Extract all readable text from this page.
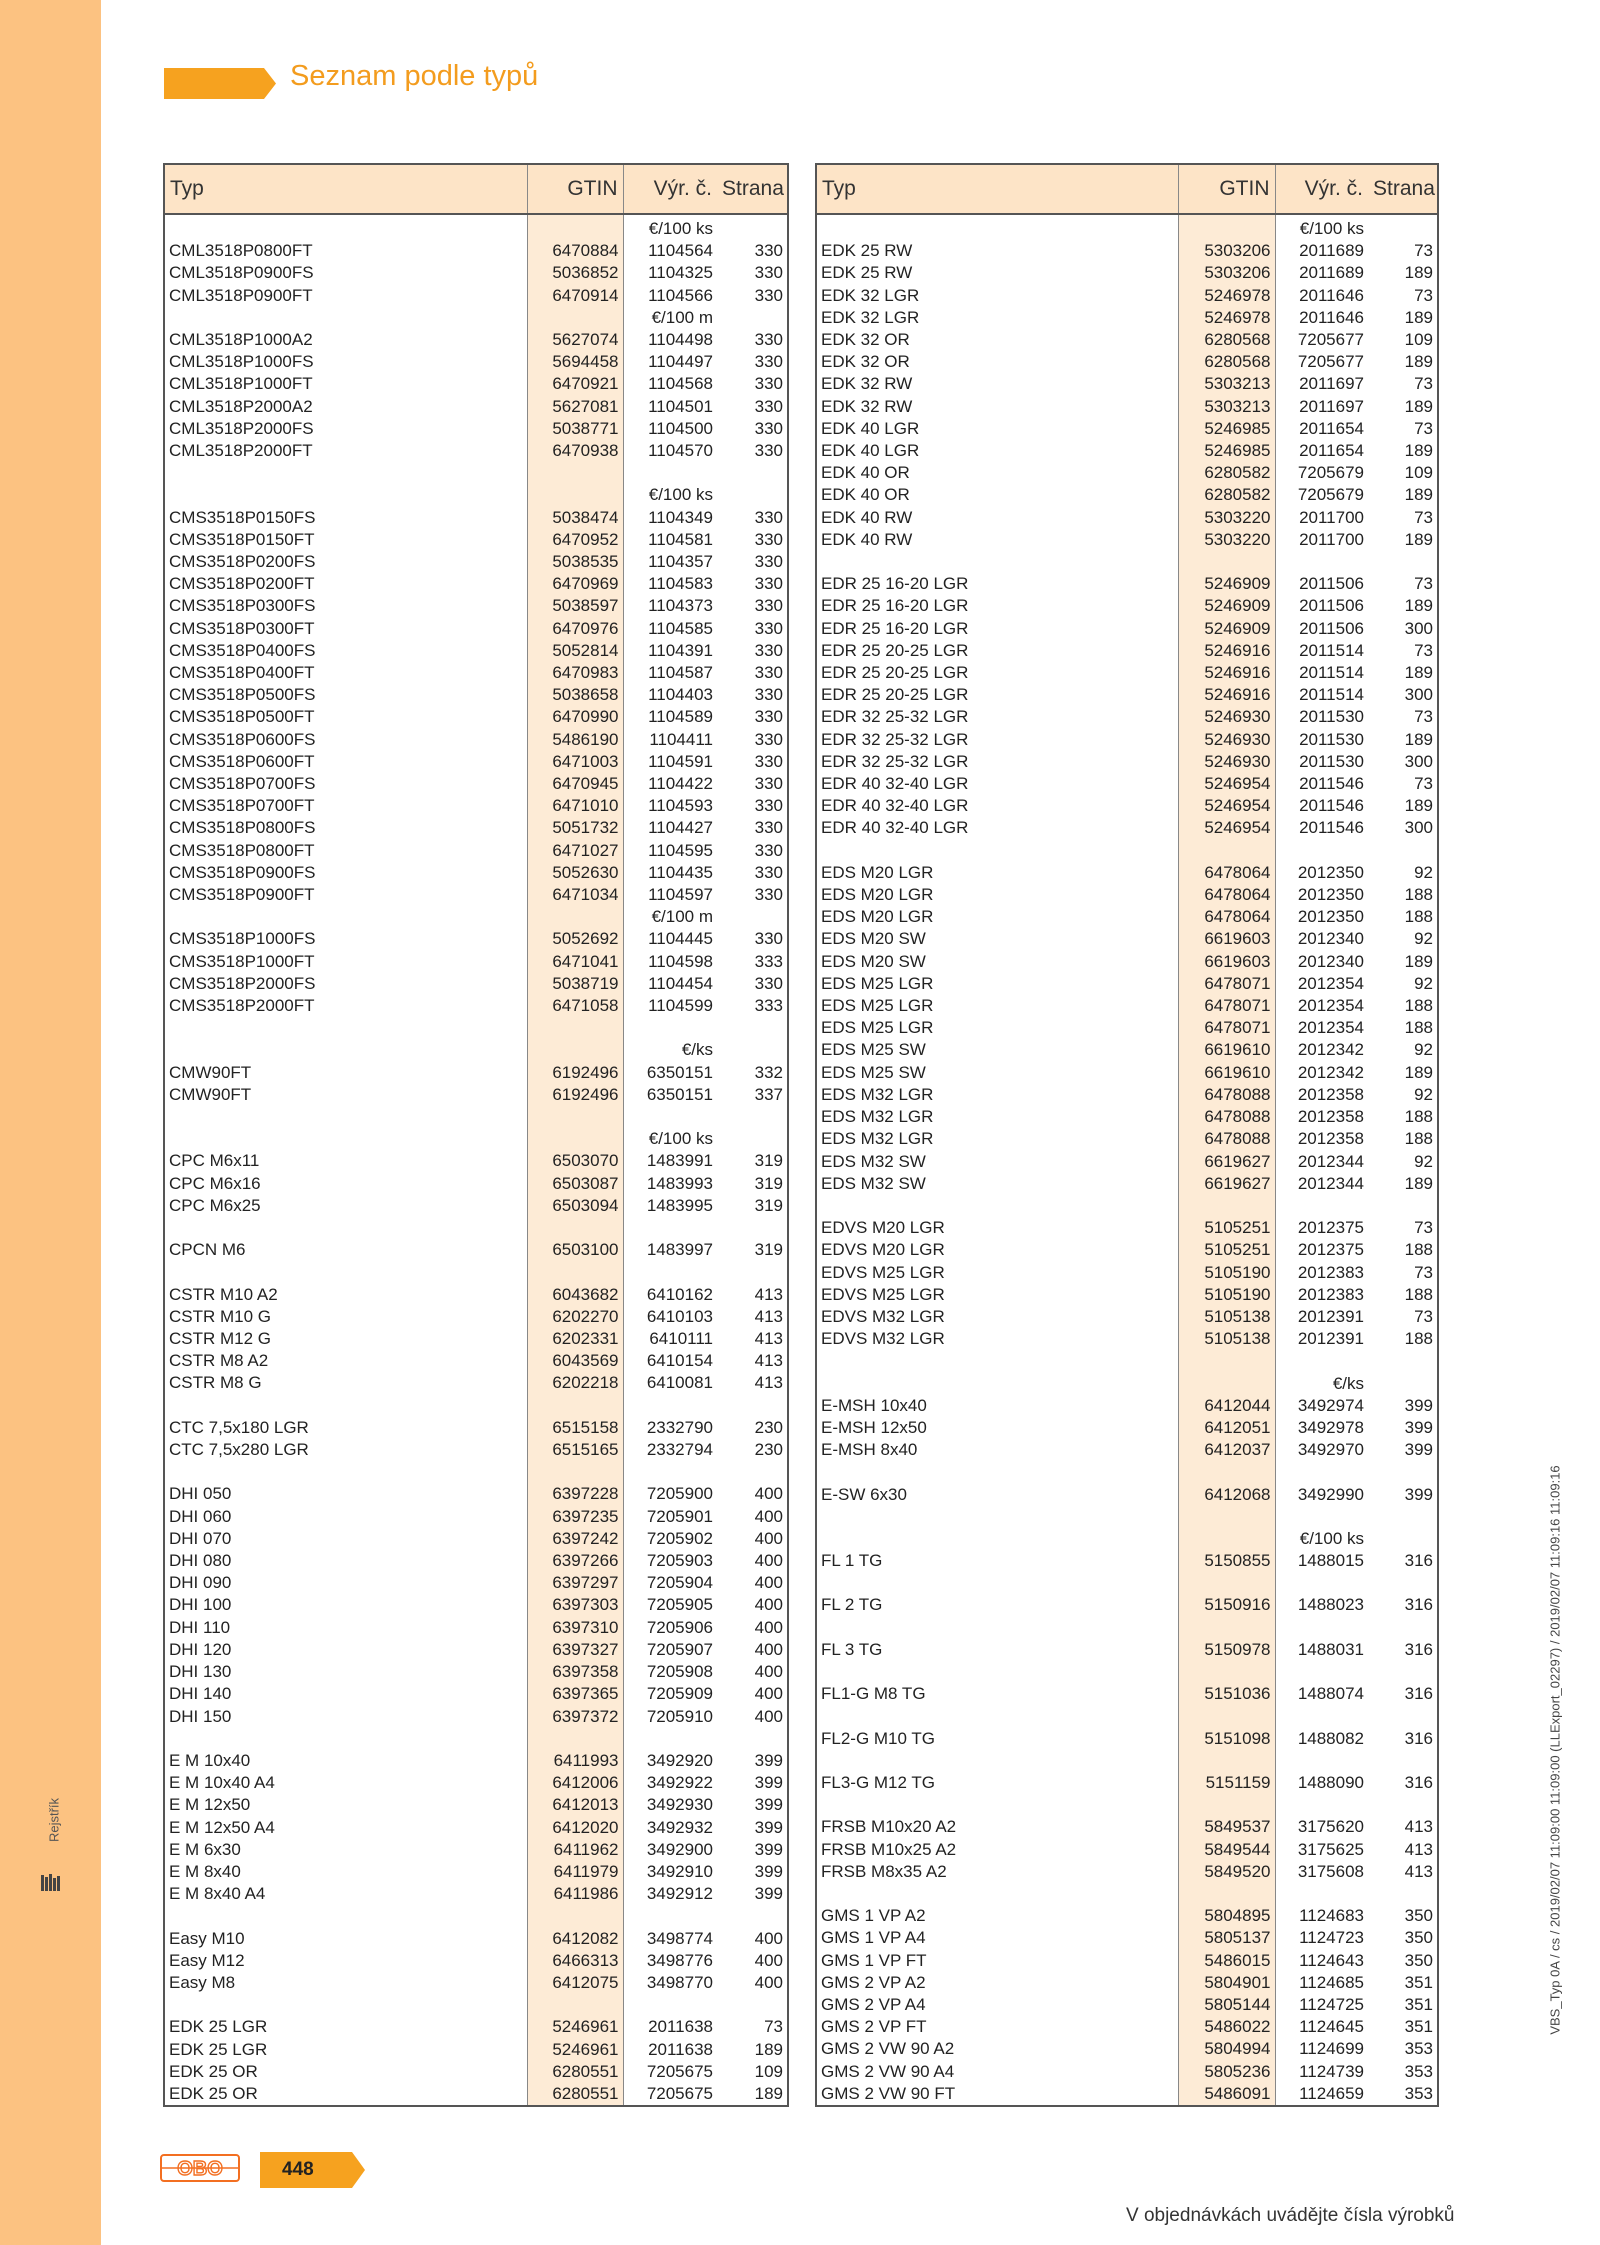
Rejstřík
Seznam podle typů
Typ	GTIN	Výr. č.	Strana
		€/100 ks	
CML3518P0800FT	6470884	1104564	330
CML3518P0900FS	5036852	1104325	330
CML3518P0900FT	6470914	1104566	330
		€/100 m	
CML3518P1000A2	5627074	1104498	330
CML3518P1000FS	5694458	1104497	330
CML3518P1000FT	6470921	1104568	330
CML3518P2000A2	5627081	1104501	330
CML3518P2000FS	5038771	1104500	330
CML3518P2000FT	6470938	1104570	330

		€/100 ks	
CMS3518P0150FS	5038474	1104349	330
CMS3518P0150FT	6470952	1104581	330
CMS3518P0200FS	5038535	1104357	330
CMS3518P0200FT	6470969	1104583	330
CMS3518P0300FS	5038597	1104373	330
CMS3518P0300FT	6470976	1104585	330
CMS3518P0400FS	5052814	1104391	330
CMS3518P0400FT	6470983	1104587	330
CMS3518P0500FS	5038658	1104403	330
CMS3518P0500FT	6470990	1104589	330
CMS3518P0600FS	5486190	1104411	330
CMS3518P0600FT	6471003	1104591	330
CMS3518P0700FS	6470945	1104422	330
CMS3518P0700FT	6471010	1104593	330
CMS3518P0800FS	5051732	1104427	330
CMS3518P0800FT	6471027	1104595	330
CMS3518P0900FS	5052630	1104435	330
CMS3518P0900FT	6471034	1104597	330
		€/100 m	
CMS3518P1000FS	5052692	1104445	330
CMS3518P1000FT	6471041	1104598	333
CMS3518P2000FS	5038719	1104454	330
CMS3518P2000FT	6471058	1104599	333

		€/ks	
CMW90FT	6192496	6350151	332
CMW90FT	6192496	6350151	337

		€/100 ks	
CPC M6x11	6503070	1483991	319
CPC M6x16	6503087	1483993	319
CPC M6x25	6503094	1483995	319

CPCN M6	6503100	1483997	319

CSTR M10 A2	6043682	6410162	413
CSTR M10 G	6202270	6410103	413
CSTR M12 G	6202331	6410111	413
CSTR M8 A2	6043569	6410154	413
CSTR M8 G	6202218	6410081	413

CTC 7,5x180 LGR	6515158	2332790	230
CTC 7,5x280 LGR	6515165	2332794	230

DHI 050	6397228	7205900	400
DHI 060	6397235	7205901	400
DHI 070	6397242	7205902	400
DHI 080	6397266	7205903	400
DHI 090	6397297	7205904	400
DHI 100	6397303	7205905	400
DHI 110	6397310	7205906	400
DHI 120	6397327	7205907	400
DHI 130	6397358	7205908	400
DHI 140	6397365	7205909	400
DHI 150	6397372	7205910	400

E M 10x40	6411993	3492920	399
E M 10x40 A4	6412006	3492922	399
E M 12x50	6412013	3492930	399
E M 12x50 A4	6412020	3492932	399
E M 6x30	6411962	3492900	399
E M 8x40	6411979	3492910	399
E M 8x40 A4	6411986	3492912	399

Easy M10	6412082	3498774	400
Easy M12	6466313	3498776	400
Easy M8	6412075	3498770	400

EDK 25 LGR	5246961	2011638	73
EDK 25 LGR	5246961	2011638	189
EDK 25 OR	6280551	7205675	109
EDK 25 OR	6280551	7205675	189
Typ	GTIN	Výr. č.	Strana
		€/100 ks	
EDK 25 RW	5303206	2011689	73
EDK 25 RW	5303206	2011689	189
EDK 32 LGR	5246978	2011646	73
EDK 32 LGR	5246978	2011646	189
EDK 32 OR	6280568	7205677	109
EDK 32 OR	6280568	7205677	189
EDK 32 RW	5303213	2011697	73
EDK 32 RW	5303213	2011697	189
EDK 40 LGR	5246985	2011654	73
EDK 40 LGR	5246985	2011654	189
EDK 40 OR	6280582	7205679	109
EDK 40 OR	6280582	7205679	189
EDK 40 RW	5303220	2011700	73
EDK 40 RW	5303220	2011700	189

EDR 25 16-20 LGR	5246909	2011506	73
EDR 25 16-20 LGR	5246909	2011506	189
EDR 25 16-20 LGR	5246909	2011506	300
EDR 25 20-25 LGR	5246916	2011514	73
EDR 25 20-25 LGR	5246916	2011514	189
EDR 25 20-25 LGR	5246916	2011514	300
EDR 32 25-32 LGR	5246930	2011530	73
EDR 32 25-32 LGR	5246930	2011530	189
EDR 32 25-32 LGR	5246930	2011530	300
EDR 40 32-40 LGR	5246954	2011546	73
EDR 40 32-40 LGR	5246954	2011546	189
EDR 40 32-40 LGR	5246954	2011546	300

EDS M20 LGR	6478064	2012350	92
EDS M20 LGR	6478064	2012350	188
EDS M20 LGR	6478064	2012350	188
EDS M20 SW	6619603	2012340	92
EDS M20 SW	6619603	2012340	189
EDS M25 LGR	6478071	2012354	92
EDS M25 LGR	6478071	2012354	188
EDS M25 LGR	6478071	2012354	188
EDS M25 SW	6619610	2012342	92
EDS M25 SW	6619610	2012342	189
EDS M32 LGR	6478088	2012358	92
EDS M32 LGR	6478088	2012358	188
EDS M32 LGR	6478088	2012358	188
EDS M32 SW	6619627	2012344	92
EDS M32 SW	6619627	2012344	189

EDVS M20 LGR	5105251	2012375	73
EDVS M20 LGR	5105251	2012375	188
EDVS M25 LGR	5105190	2012383	73
EDVS M25 LGR	5105190	2012383	188
EDVS M32 LGR	5105138	2012391	73
EDVS M32 LGR	5105138	2012391	188

		€/ks	
E-MSH 10x40	6412044	3492974	399
E-MSH 12x50	6412051	3492978	399
E-MSH 8x40	6412037	3492970	399

E-SW 6x30	6412068	3492990	399

		€/100 ks	
FL 1 TG	5150855	1488015	316

FL 2 TG	5150916	1488023	316

FL 3 TG	5150978	1488031	316

FL1-G M8 TG	5151036	1488074	316

FL2-G M10 TG	5151098	1488082	316

FL3-G M12 TG	5151159	1488090	316

FRSB M10x20 A2	5849537	3175620	413
FRSB M10x25 A2	5849544	3175625	413
FRSB M8x35 A2	5849520	3175608	413

GMS 1 VP A2	5804895	1124683	350
GMS 1 VP A4	5805137	1124723	350
GMS 1 VP FT	5486015	1124643	350
GMS 2 VP A2	5804901	1124685	351
GMS 2 VP A4	5805144	1124725	351
GMS 2 VP FT	5486022	1124645	351
GMS 2 VW 90 A2	5804994	1124699	353
GMS 2 VW 90 A4	5805236	1124739	353
GMS 2 VW 90 FT	5486091	1124659	353
VBS_Typ 0A / cs / 2019/02/07 11:09:00 11:09:00 (LLExport_02297) / 2019/02/07 11:09:16 11:09:16
OBO	448
V objednávkách uvádějte čísla výrobků
